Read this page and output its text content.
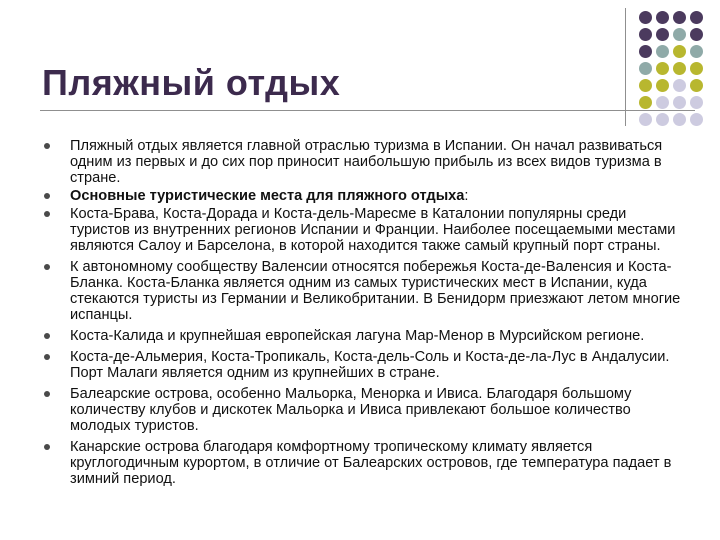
Пляжный отдых
Пляжный отдых является главной отраслью туризма в Испании. Он начал развиваться одним из первых и до сих пор приносит наибольшую прибыль из всех видов туризма в стране.
Основные туристические места для пляжного отдыха:
Коста-Брава, Коста-Дорада и Коста-дель-Маресме в Каталонии популярны среди туристов из внутренних регионов Испании и Франции. Наиболее посещаемыми местами являются Салоу и Барселона, в которой находится также самый крупный порт страны.
К автономному сообществу Валенсии относятся побережья Коста-де-Валенсия и Коста-Бланка. Коста-Бланка является одним из самых туристических мест в Испании, куда стекаются туристы из Германии и Великобритании. В Бенидорм приезжают летом многие испанцы.
Коста-Калида и крупнейшая европейская лагуна Мар-Менор в Мурсийском регионе.
Коста-де-Альмерия, Коста-Тропикаль, Коста-дель-Соль и Коста-де-ла-Лус в Андалусии. Порт Малаги является одним из крупнейших в стране.
Балеарские острова, особенно Мальорка, Менорка и Ивиса. Благодаря большому количеству клубов и дискотек Мальорка и Ивиса привлекают большое количество молодых туристов.
Канарские острова благодаря комфортному тропическому климату является круглогодичным курортом, в отличие от Балеарских островов, где температура падает в зимний период.
